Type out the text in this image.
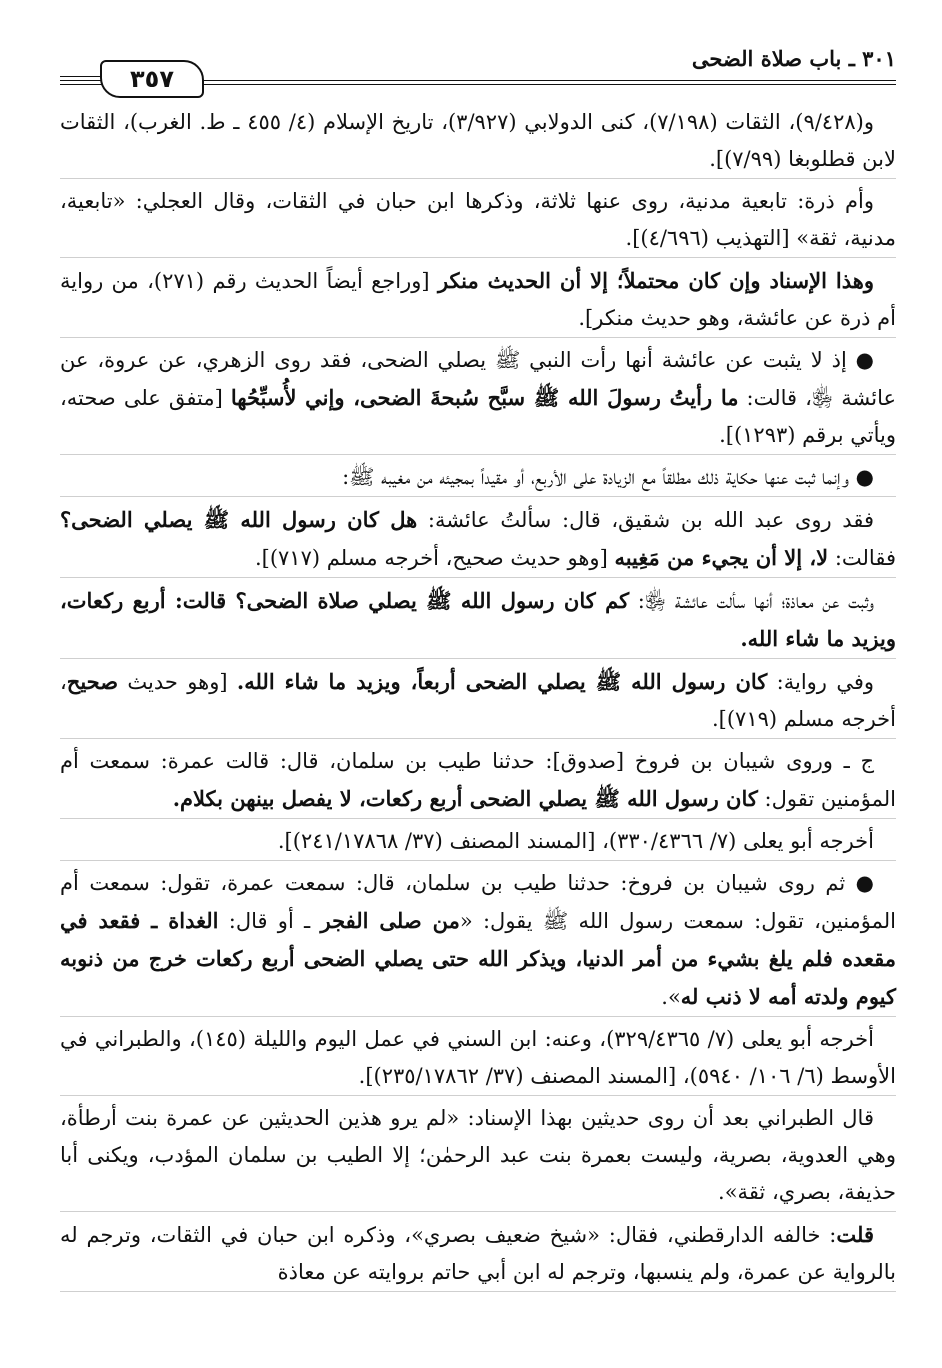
٣٠١ ـ باب صلاة الضحى
٣٥٧

و(٩/٤٢٨)، الثقات (٧/١٩٨)، كنى الدولابي (٣/٩٢٧)، تاريخ الإسلام (٤/ ٤٥٥ ـ ط. الغرب)، الثقات لابن قطلوبغا (٧/٩٩)].

وأم ذرة: تابعية مدنية، روى عنها ثلاثة، وذكرها ابن حبان في الثقات، وقال العجلي: «تابعية، مدنية، ثقة» [التهذيب (٤/٦٩٦)].

وهذا الإسناد وإن كان محتملاً؛ إلا أن الحديث منكر [وراجع أيضاً الحديث رقم (٢٧١)، من رواية أم ذرة عن عائشة، وهو حديث منكر].

● إذ لا يثبت عن عائشة أنها رأت النبي ﷺ يصلي الضحى، فقد روى الزهري، عن عروة، عن عائشة ﵂، قالت: ما رأيتُ رسولَ الله ﷺ سبَّح سُبحةَ الضحى، وإني لأُسبِّحُها [متفق على صحته، ويأتي برقم (١٢٩٣)].

● وإنما ثبت عنها حكاية ذلك مطلقاً مع الزيادة على الأربع، أو مقيداً بمجيئه من مغيبه ﷺ:

فقد روى عبد الله بن شقيق، قال: سألتُ عائشة: هل كان رسول الله ﷺ يصلي الضحى؟ فقالت: لا، إلا أن يجيء من مَغِيبه [وهو حديث صحيح، أخرجه مسلم (٧١٧)].

وثبت عن معاذة؛ أنها سألت عائشة ﵂: كم كان رسول الله ﷺ يصلي صلاة الضحى؟ قالت: أربع ركعات، ويزيد ما شاء الله.

وفي رواية: كان رسول الله ﷺ يصلي الضحى أربعاً، ويزيد ما شاء الله. [وهو حديث صحيح، أخرجه مسلم (٧١٩)].

ج ـ وروى شيبان بن فروخ [صدوق]: حدثنا طيب بن سلمان، قال: قالت عمرة: سمعت أم المؤمنين تقول: كان رسول الله ﷺ يصلي الضحى أربع ركعات، لا يفصل بينهن بكلام.

أخرجه أبو يعلى (٧/ ٣٣٠/٤٣٦٦)، [المسند المصنف (٣٧/ ٢٤١/١٧٨٦٨)].

● ثم روى شيبان بن فروخ: حدثنا طيب بن سلمان، قال: سمعت عمرة، تقول: سمعت أم المؤمنين، تقول: سمعت رسول الله ﷺ يقول: «من صلى الفجر ـ أو قال: الغداة ـ فقعد في مقعده فلم يلغ بشيء من أمر الدنيا، ويذكر الله حتى يصلي الضحى أربع ركعات خرج من ذنوبه كيوم ولدته أمه لا ذنب له».

أخرجه أبو يعلى (٧/ ٣٢٩/٤٣٦٥)، وعنه: ابن السني في عمل اليوم والليلة (١٤٥)، والطبراني في الأوسط (٦/ ١٠٦/ ٥٩٤٠)، [المسند المصنف (٣٧/ ٢٣٥/١٧٨٦٢)].

قال الطبراني بعد أن روى حديثين بهذا الإسناد: «لم يرو هذين الحديثين عن عمرة بنت أرطأة، وهي العدوية، بصرية، وليست بعمرة بنت عبد الرحمٰن؛ إلا الطيب بن سلمان المؤدب، ويكنى أبا حذيفة، بصري، ثقة».

قلت: خالفه الدارقطني، فقال: «شيخ ضعيف بصري»، وذكره ابن حبان في الثقات، وترجم له بالرواية عن عمرة، ولم ينسبها، وترجم له ابن أبي حاتم بروايته عن معاذة
